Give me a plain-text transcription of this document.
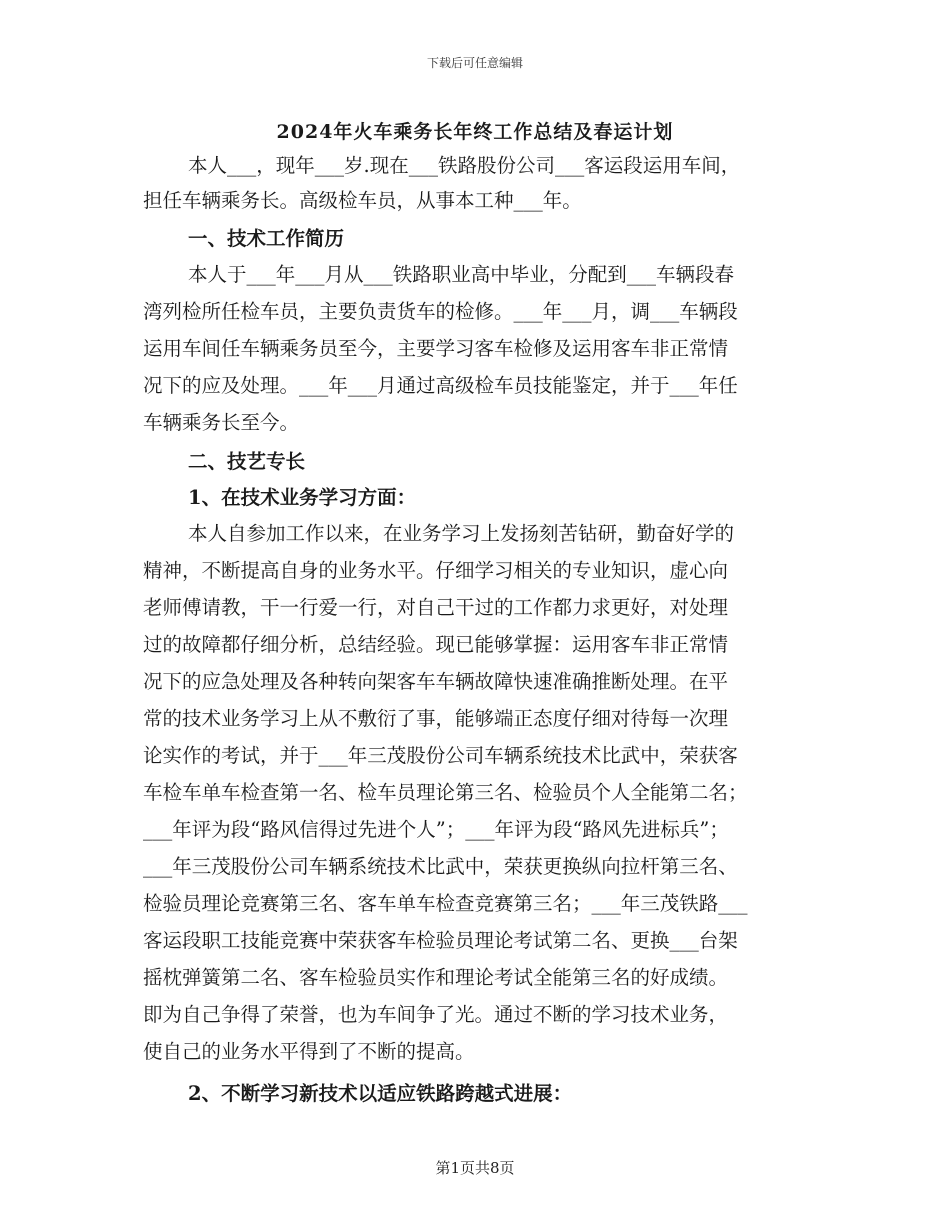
下载后可任意编辑
2024年火车乘务长年终工作总结及春运计划
本人___，现年___岁.现在___铁路股份公司___客运段运用车间，
担任车辆乘务长。高级检车员，从事本工种___年。
一、技术工作简历
本人于___年___月从___铁路职业高中毕业，分配到___车辆段春
湾列检所任检车员，主要负责货车的检修。___年___月，调___车辆段
运用车间任车辆乘务员至今，主要学习客车检修及运用客车非正常情
况下的应及处理。___年___月通过高级检车员技能鉴定，并于___年任
车辆乘务长至今。
二、技艺专长
1、在技术业务学习方面：
本人自参加工作以来，在业务学习上发扬刻苦钻研，勤奋好学的
精神，不断提高自身的业务水平。仔细学习相关的专业知识，虚心向
老师傅请教，干一行爱一行，对自己干过的工作都力求更好，对处理
过的故障都仔细分析，总结经验。现已能够掌握：运用客车非正常情
况下的应急处理及各种转向架客车车辆故障快速准确推断处理。在平
常的技术业务学习上从不敷衍了事，能够端正态度仔细对待每一次理
论实作的考试，并于___年三茂股份公司车辆系统技术比武中，荣获客
车检车单车检查第一名、检车员理论第三名、检验员个人全能第二名；
___年评为段“路风信得过先进个人”；___年评为段“路风先进标兵”；
___年三茂股份公司车辆系统技术比武中，荣获更换纵向拉杆第三名、
检验员理论竞赛第三名、客车单车检查竞赛第三名；___年三茂铁路___
客运段职工技能竞赛中荣获客车检验员理论考试第二名、更换___台架
摇枕弹簧第二名、客车检验员实作和理论考试全能第三名的好成绩。
即为自己争得了荣誉，也为车间争了光。通过不断的学习技术业务，
使自己的业务水平得到了不断的提高。
2、不断学习新技术以适应铁路跨越式进展：
第1页共8页
